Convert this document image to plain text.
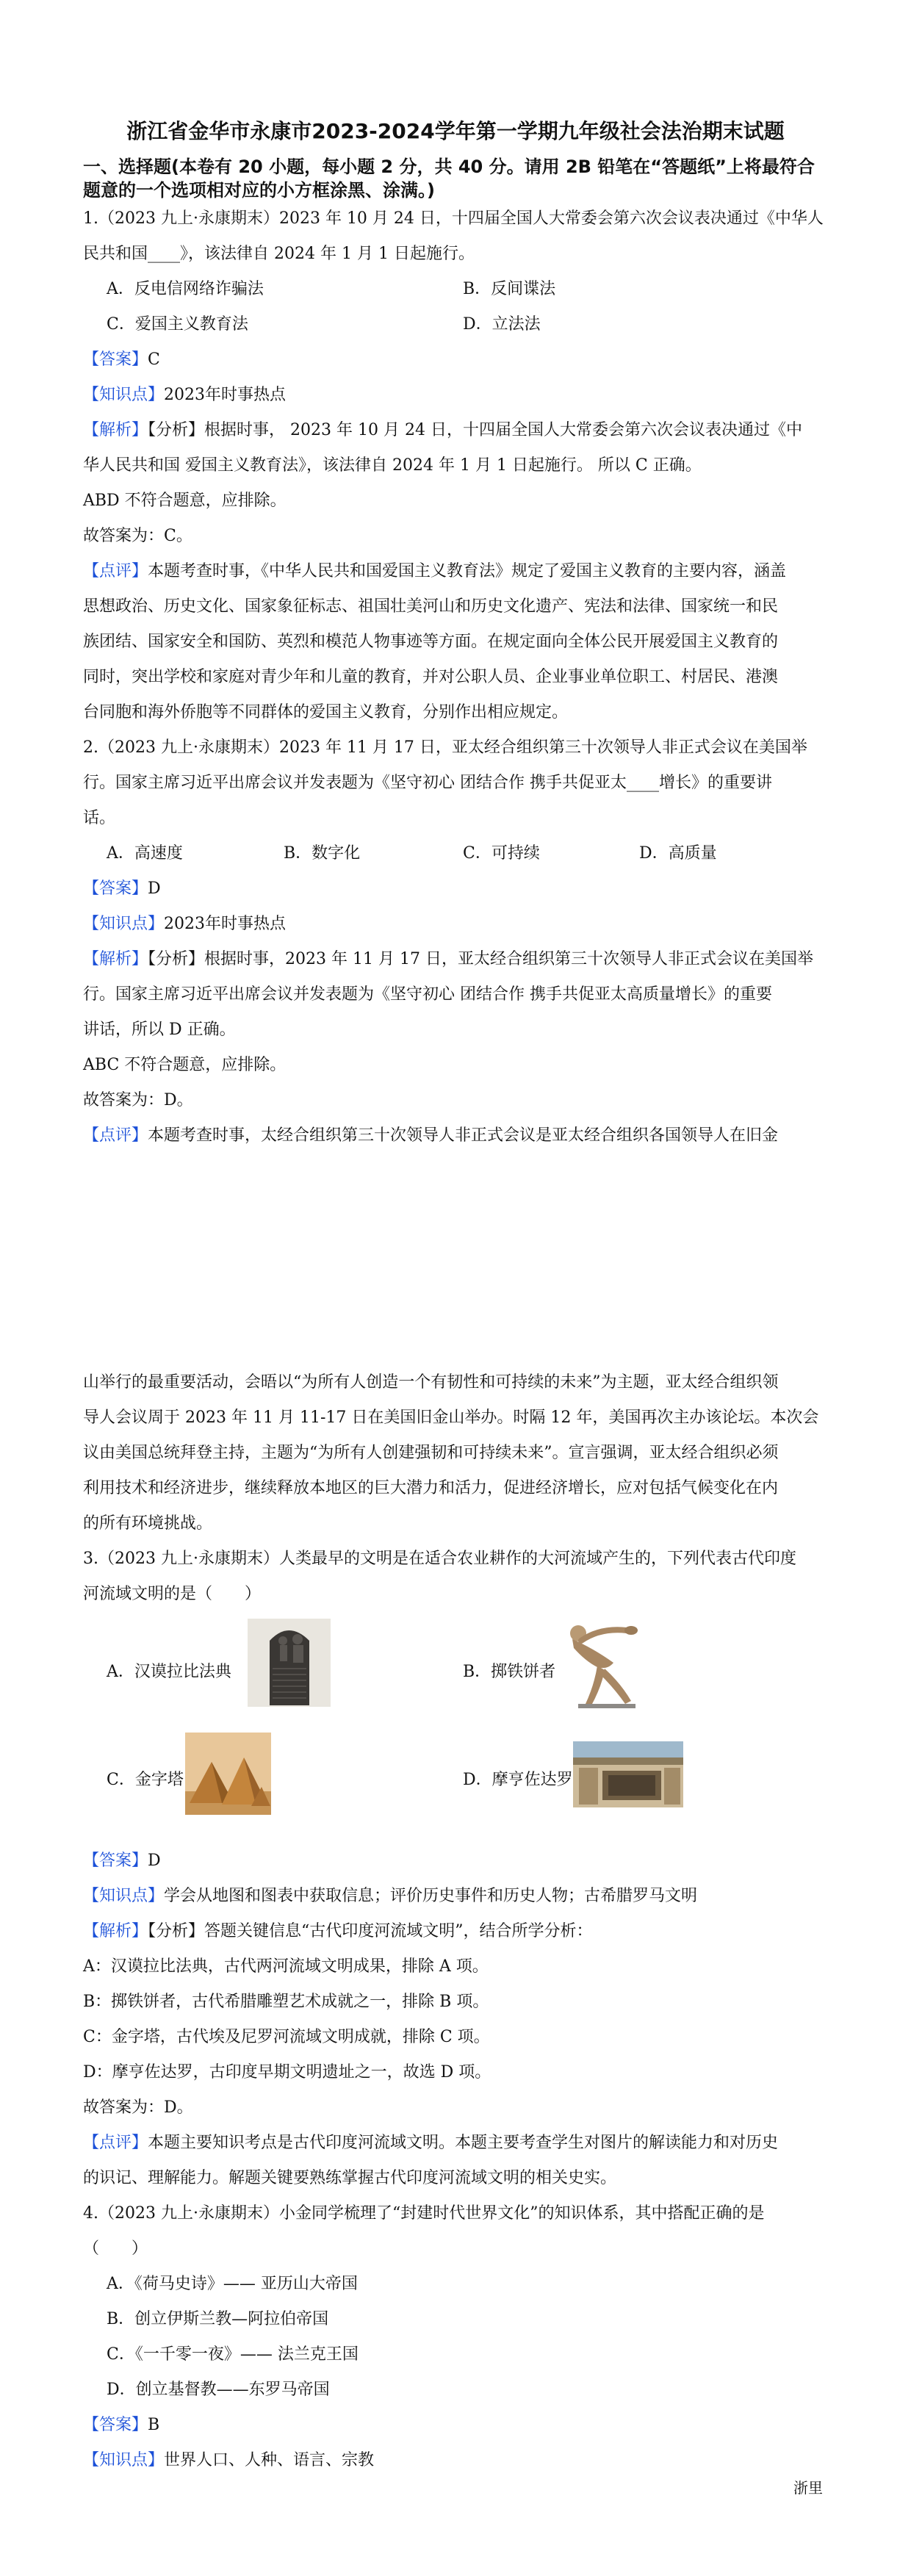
浙江省金华市永康市2023-2024学年第一学期九年级社会法治期末试题
一、选择题(本卷有 20 小题，每小题 2 分，共 40 分。请用 2B 铅笔在“答题纸”上将最符合
题意的一个选项相对应的小方框涂黑、涂满。)
1.（2023 九上·永康期末）2023 年 10 月 24 日，十四届全国人大常委会第六次会议表决通过《中华人
民共和国____》，该法律自 2024 年 1 月 1 日起施行。
A．反电信网络诈骗法	B．反间谍法
C．爱国主义教育法	D．立法法
【答案】C
【知识点】2023年时事热点
【解析】【分析】根据时事， 2023 年 10 月 24 日，十四届全国人大常委会第六次会议表决通过《中
华人民共和国 爱国主义教育法》，该法律自 2024 年 1 月 1 日起施行。 所以 C 正确。
ABD 不符合题意，应排除。
故答案为：C。
【点评】本题考查时事，《中华人民共和国爱国主义教育法》规定了爱国主义教育的主要内容，涵盖
思想政治、历史文化、国家象征标志、祖国壮美河山和历史文化遗产、宪法和法律、国家统一和民
族团结、国家安全和国防、英烈和模范人物事迹等方面。在规定面向全体公民开展爱国主义教育的
同时，突出学校和家庭对青少年和儿童的教育，并对公职人员、企业事业单位职工、村居民、港澳
台同胞和海外侨胞等不同群体的爱国主义教育，分别作出相应规定。
2.（2023 九上·永康期末）2023 年 11 月 17 日，亚太经合组织第三十次领导人非正式会议在美国举
行。国家主席习近平出席会议并发表题为《坚守初心 团结合作 携手共促亚太____增长》的重要讲
话。
A．高速度	B．数字化	C．可持续	D．高质量
【答案】D
【知识点】2023年时事热点
【解析】【分析】根据时事，2023 年 11 月 17 日，亚太经合组织第三十次领导人非正式会议在美国举
行。国家主席习近平出席会议并发表题为《坚守初心 团结合作 携手共促亚太高质量增长》的重要
讲话，所以 D 正确。
ABC 不符合题意，应排除。
故答案为：D。
【点评】本题考查时事，太经合组织第三十次领导人非正式会议是亚太经合组织各国领导人在旧金
山举行的最重要活动，会晤以“为所有人创造一个有韧性和可持续的未来”为主题，亚太经合组织领
导人会议周于 2023 年 11 月 11-17 日在美国旧金山举办。时隔 12 年，美国再次主办该论坛。本次会
议由美国总统拜登主持，主题为“为所有人创建强韧和可持续未来”。宣言强调，亚太经合组织必须
利用技术和经济进步，继续释放本地区的巨大潜力和活力，促进经济增长，应对包括气候变化在内
的所有环境挑战。
3.（2023 九上·永康期末）人类最早的文明是在适合农业耕作的大河流域产生的，下列代表古代印度
河流域文明的是（　　）
A．汉谟拉比法典	B．掷铁饼者
C．金字塔	D．摩亨佐达罗
【答案】D
【知识点】学会从地图和图表中获取信息；评价历史事件和历史人物；古希腊罗马文明
【解析】【分析】答题关键信息“古代印度河流域文明”，结合所学分析：
A：汉谟拉比法典，古代两河流域文明成果，排除 A 项。
B：掷铁饼者，古代希腊雕塑艺术成就之一，排除 B 项。
C：金字塔，古代埃及尼罗河流域文明成就，排除 C 项。
D：摩亨佐达罗，古印度早期文明遗址之一，故选 D 项。
故答案为：D。
【点评】本题主要知识考点是古代印度河流域文明。本题主要考查学生对图片的解读能力和对历史
的识记、理解能力。解题关键要熟练掌握古代印度河流域文明的相关史实。
4.（2023 九上·永康期末）小金同学梳理了“封建时代世界文化”的知识体系，其中搭配正确的是
（　　）
A．《荷马史诗》—— 亚历山大帝国
B．创立伊斯兰教—阿拉伯帝国
C．《一千零一夜》—— 法兰克王国
D．创立基督教——东罗马帝国
【答案】B
【知识点】世界人口、人种、语言、宗教
浙里
